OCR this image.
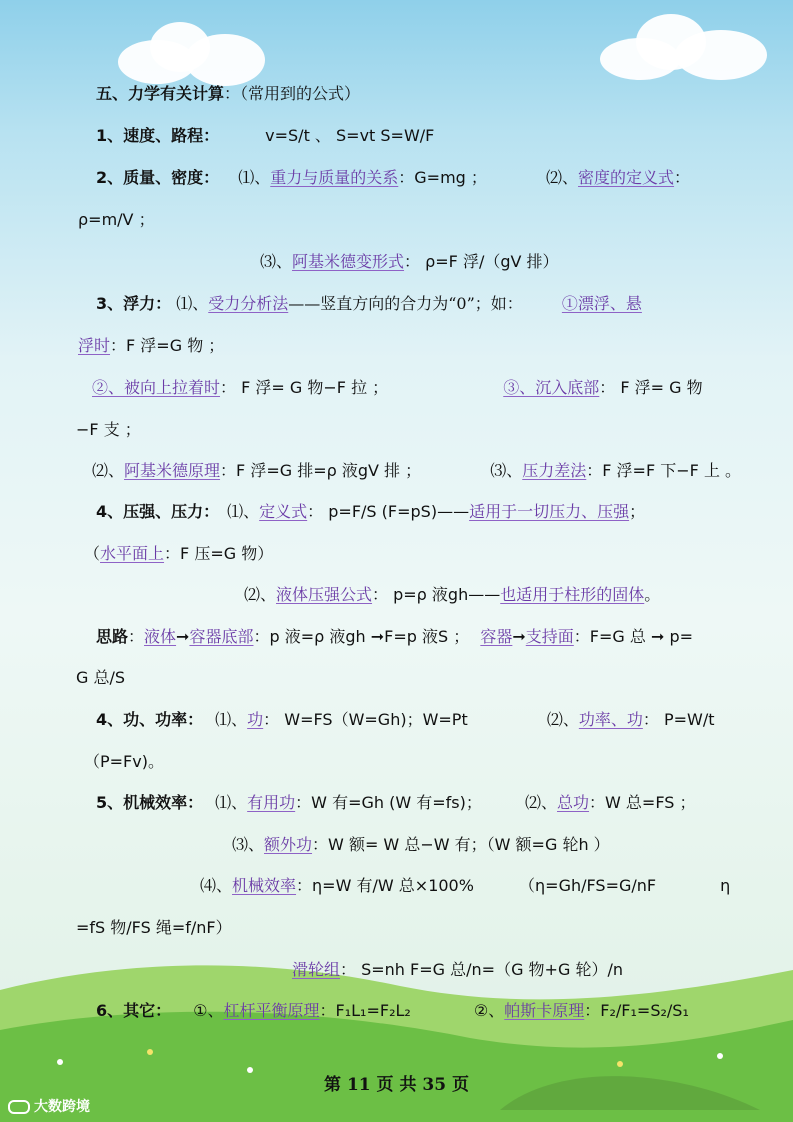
五、力学有关计算：（常用到的公式）
1、速度、路程：	v=S/t 、 S=vt S=W/F
2、质量、密度： ⑴、重力与质量的关系：G=mg ；	⑵、密度的定义式：
ρ=m/V ；
⑶、阿基米德变形式： ρ=F 浮/（gV 排）
3、浮力： ⑴、受力分析法——竖直方向的合力为“0”；如： ①漂浮、悬
浮时：F 浮=G 物 ；
②、被向上拉着时： F 浮= G 物−F 拉 ；	③、沉入底部： F 浮= G 物
−F 支 ；
⑵、阿基米德原理：F 浮=G 排=ρ 液gV 排 ；	⑶、压力差法：F 浮=F 下−F 上 。
4、压强、压力： ⑴、定义式： p=F/S (F=pS)——适用于一切压力、压强；
（水平面上：F 压=G 物）
⑵、液体压强公式： p=ρ 液gh——也适用于柱形的固体。
思路：液体➞容器底部：p 液=ρ 液gh ➞F=p 液S ； 容器➞支持面：F=G 总 ➞ p=
G 总/S
4、功、功率： ⑴、功： W=FS（W=Gh)；W=Pt	⑵、功率、功： P=W/t
（P=Fv)。
5、机械效率： ⑴、有用功：W 有=Gh (W 有=fs)；	⑵、总功：W 总=FS ；
⑶、额外功：W 额= W 总−W 有；（W 额=G 轮h ）
⑷、机械效率：η=W 有/W 总×100%	（η=Gh/FS=G/nF	η
=fS 物/FS 绳=f/nF）
滑轮组： S=nh F=G 总/n=（G 物+G 轮）/n
6、其它： ①、杠杆平衡原理：F₁L₁=F₂L₂	②、帕斯卡原理：F₂/F₁=S₂/S₁
第 11 页 共 35 页
大数跨境
